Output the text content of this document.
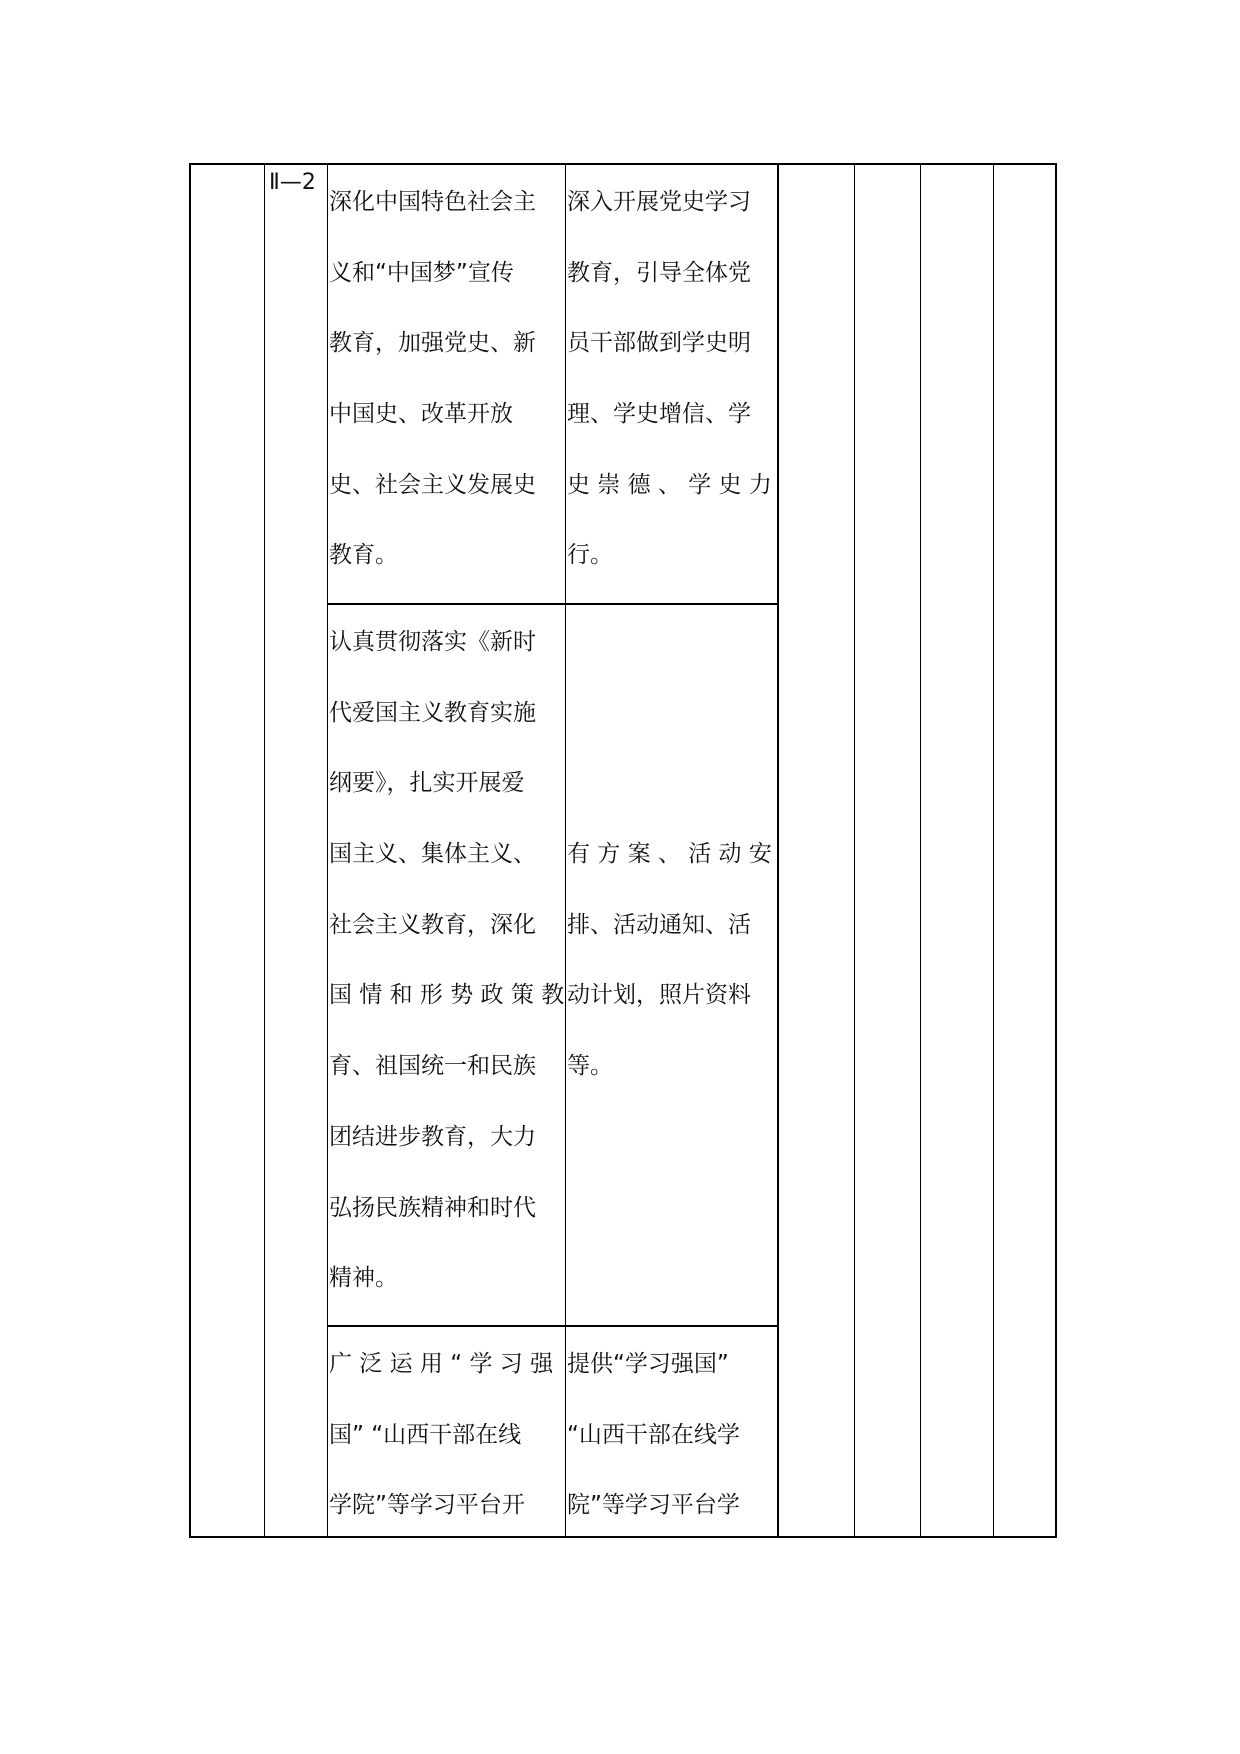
Ⅱ—2
深化中国特色社会主
义和“中国梦”宣传
教育，加强党史、新
中国史、改革开放
史、社会主义发展史
教育。
深入开展党史学习
教育，引导全体党
员干部做到学史明
理、学史增信、学
史 崇 德 、 学 史 力
行。
认真贯彻落实《新时
代爱国主义教育实施
纲要》，扎实开展爱
国主义、集体主义、
社会主义教育，深化
国 情 和 形 势 政 策 教
育、祖国统一和民族
团结进步教育，大力
弘扬民族精神和时代
精神。
有 方 案 、 活 动 安
排、活动通知、活
动计划，照片资料
等。
广 泛 运 用 “ 学 习 强
国” “山西干部在线
学院”等学习平台开
提供“学习强国”
“山西干部在线学
院”等学习平台学
